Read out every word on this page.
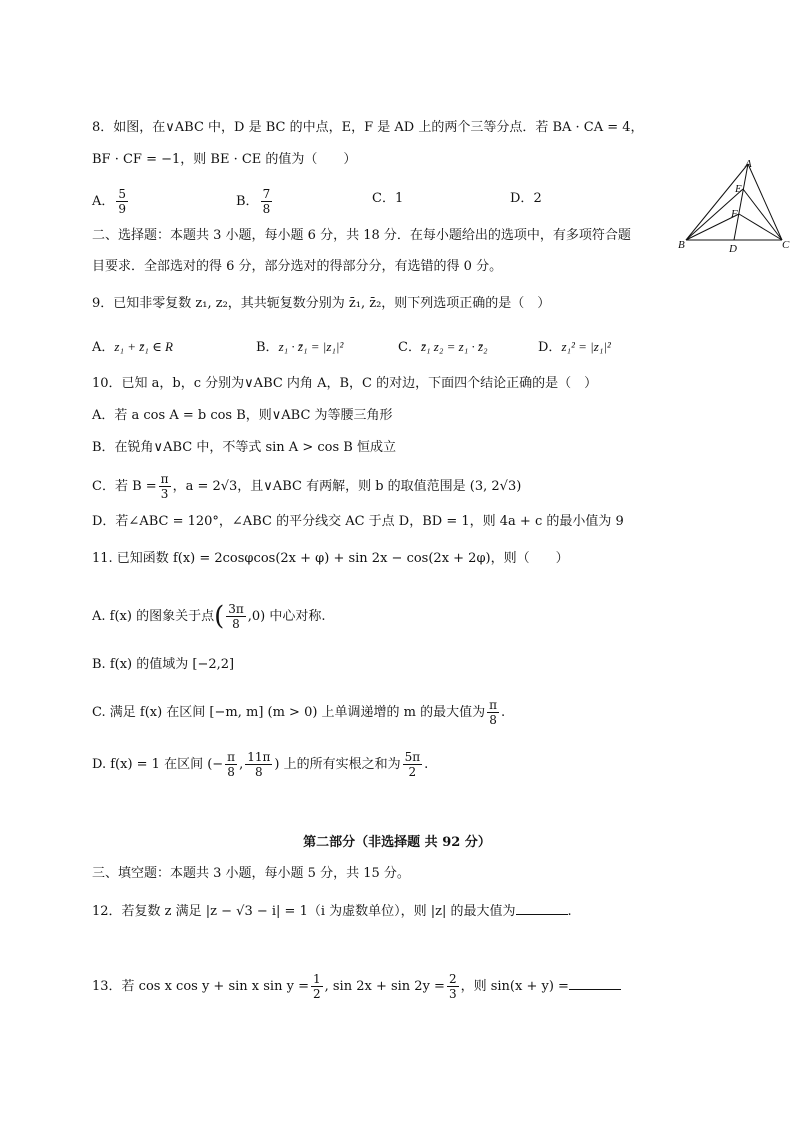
8．如图，在∨ABC 中，D 是 BC 的中点，E，F 是 AD 上的两个三等分点．若 BA · CA = 4，
BF · CF = −1，则 BE · CE 的值为（　　）
A． $\frac{5}{9}$	B． $\frac{7}{8}$	C．1	D．2
A
E
F
B	D	C
二、选择题：本题共 3 小题，每小题 6 分，共 18 分．在每小题给出的选项中，有多项符合题
目要求．全部选对的得 6 分，部分选对的得部分分，有选错的得 0 分。
9．已知非零复数 z₁, z₂，其共轭复数分别为 z̄₁, z̄₂，则下列选项正确的是（　）
A．z₁ + z̄₁ ∈ R	B．z₁ · z̄₁ = |z₁|²	C．z̄₁ z₂ = z₁ · z̄₂	D．z₁² = |z₁|²
10．已知 a，b，c 分别为∨ABC 内角 A，B，C 的对边，下面四个结论正确的是（　）
A．若 a cos A = b cos B，则∨ABC 为等腰三角形
B．在锐角∨ABC 中，不等式 sin A > cos B 恒成立
C．若 $B = \frac{\pi}{3}$ ，a = 2√3，且∨ABC 有两解，则 b 的取值范围是 (3, 2√3)
D．若∠ABC = 120°，∠ABC 的平分线交 AC 于点 D，BD = 1，则 4a + c 的最小值为 9
11. 已知函数 f(x) = 2cosφcos(2x + φ) + sin 2x − cos(2x + 2φ)，则（　　）
A. f(x) 的图象关于点( $\frac{3\pi}{8} ,0$) 中心对称.
B. f(x) 的值域为 [−2,2]
C. 满足 f(x) 在区间 [−m, m] (m > 0) 上单调递增的 m 的最大值为 $\frac{\pi}{8}$ .
D. f(x) = 1 在区间 (− $\frac{\pi}{8}$ , $\frac{11\pi}{8}$ ) 上的所有实根之和为 $\frac{5\pi}{2}$ .
第二部分（非选择题 共 92 分）
三、填空题：本题共 3 小题，每小题 5 分，共 15 分。
12．若复数 z 满足 |z − √3 − i| = 1（i 为虚数单位），则 |z| 的最大值为	.
13．若 cos x cos y + sin x $\sin y = \frac{1}{2}$ , $\sin 2x + \sin 2y = \frac{2}{3}$ ，则 sin(x + y) =
